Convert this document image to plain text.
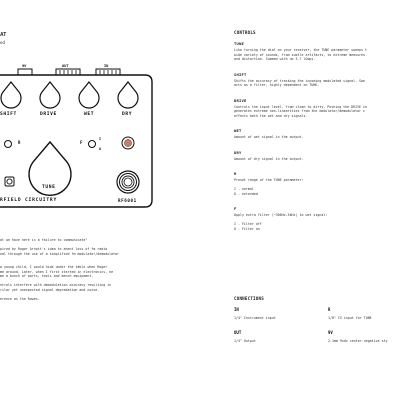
AT
ed
9V	OUT	IN
SHIFT	DRIVE	WET	DRY
R	F
I
O
TUNE
RFIELD CIRCUITRY	RF6001
at we have here is a failure to communicate"

pired by Roger Arnott's idea to ahent loss of fm radio
nal through the use of a simplified fm modulator/demodulator

a young child, I would hide under the table when Roger
me around. Later, when I first started in electronics, he
me a bunch of parts, tools and bench equipment.

ntrols interfere with demodulation accuracy resulting in
rilar yet unexpected signal degradation and noise.

erence as the Rowes.
CONTROLS
TUNE
Like turning the dial on your receiver, the TUNE parameter sweeps t
wide variety of sounds, from subtle artifacts, to extreme measures
and distortion. Summed with no 3.7 lOops.
SHIFT
Shifts the accuracy of tracking the incoming modulated signal. Swe
acts as a filter, highly dependent on TUNE.
DRIVE
Controls the input level, from clean to dirty. Pushing the DRIVE co
generates extreme non-linearities from the modulator/demodulator c
effects both the wet and dry signals.
WET
Amount of wet signal in the output.
DRY
Amount of dry signal in the output.
R
Preset range of the TUNE parameter:

I - normal
O - extended
F
Apply extra filter (~300Hz-5kHz) to wet signal:

I - Filter off
O - Filter on
CONNECTIONS
IN
1/4" Instrument input
R
1/8" CV input for TUNE
OUT
1/4" Output
9V
2.1mm 9vdc center-negative sty
